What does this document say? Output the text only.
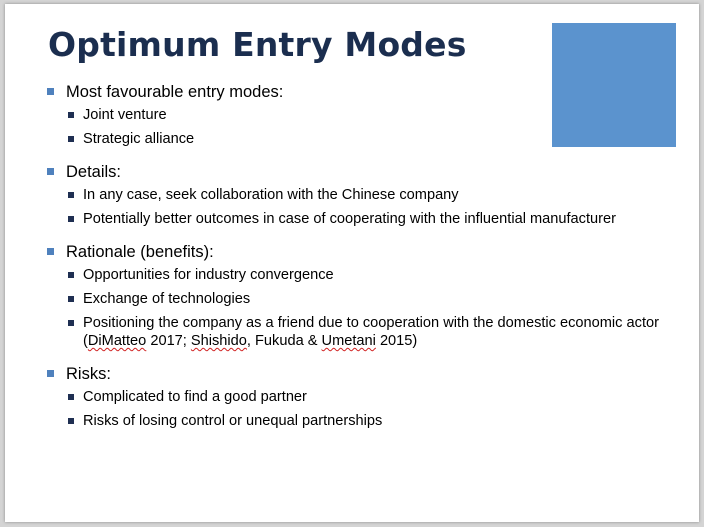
Optimum Entry Modes
Most favourable entry modes:
Joint venture
Strategic alliance
Details:
In any case, seek collaboration with the Chinese company
Potentially better outcomes in case of cooperating with the influential manufacturer
Rationale (benefits):
Opportunities for industry convergence
Exchange of technologies
Positioning the company as a friend due to cooperation with the domestic economic actor (DiMatteo 2017; Shishido, Fukuda & Umetani 2015)
Risks:
Complicated to find a good partner
Risks of losing control or unequal partnerships
